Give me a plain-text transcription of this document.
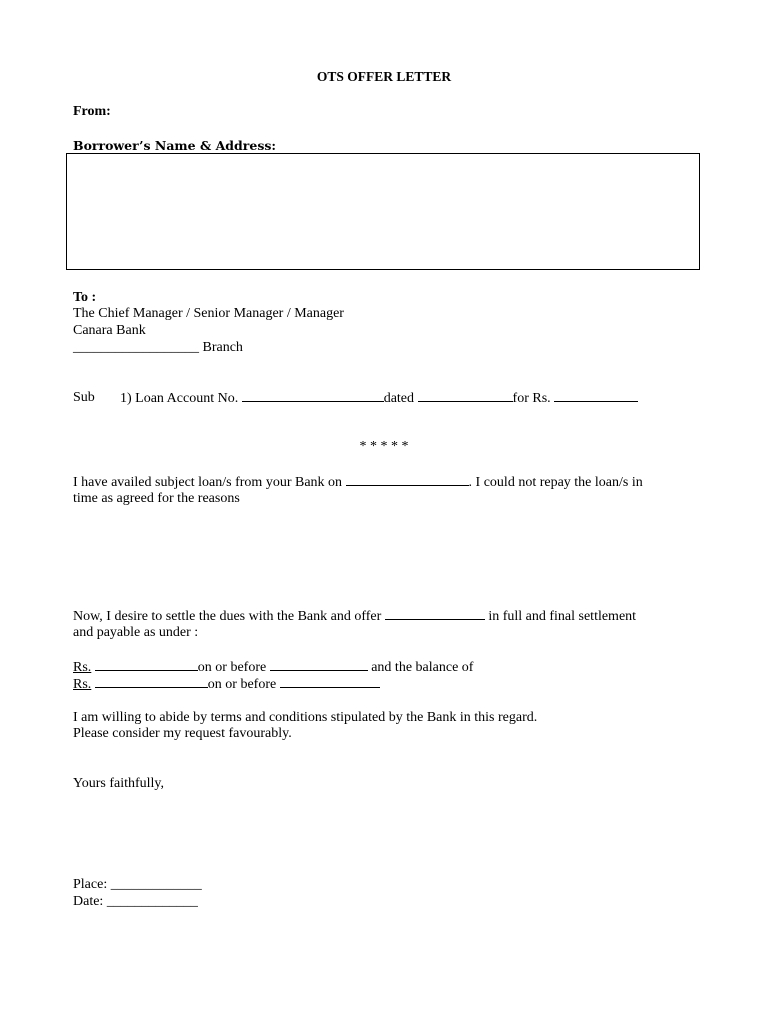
OTS OFFER LETTER
From:
Borrower’s Name & Address:
To :
The Chief Manager / Senior Manager / Manager
Canara Bank
__________________ Branch
Sub 1) Loan Account No.	dated	for Rs.
* * * * *
I have availed subject loan/s from your Bank on	. I could not repay the loan/s in
time as agreed for the reasons
Now, I desire to settle the dues with the Bank and offer	in full and final settlement
and payable as under :
Rs.	on or before	and the balance of
Rs.	on or before
I am willing to abide by terms and conditions stipulated by the Bank in this regard.
Please consider my request favourably.
Yours faithfully,
Place: _____________
Date: _____________
